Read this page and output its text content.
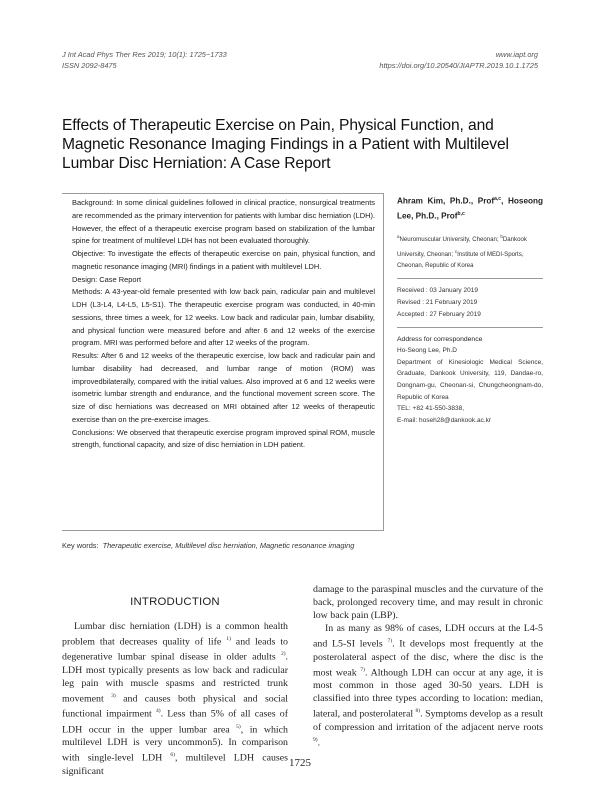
J Int Acad Phys Ther Res 2019; 10(1): 1725~1733
ISSN 2092-8475
www.iapt.org
https://doi.org/10.20540/JIAPTR.2019.10.1.1725
Effects of Therapeutic Exercise on Pain, Physical Function, and Magnetic Resonance Imaging Findings in a Patient with Multilevel Lumbar Disc Herniation: A Case Report

Background: In some clinical guidelines followed in clinical practice, nonsurgical treatments are recommended as the primary intervention for patients with lumbar disc herniation (LDH). However, the effect of a therapeutic exercise program based on stabilization of the lumbar spine for treatment of multilevel LDH has not been evaluated thoroughly.

Objective: To investigate the effects of therapeutic exercise on pain, physical function, and magnetic resonance imaging (MRI) findings in a patient with multilevel LDH.

Design: Case Report

Methods: A 43-year-old female presented with low back pain, radicular pain and multilevel LDH (L3-L4, L4-L5, L5-S1). The therapeutic exercise program was conducted, in 40-min sessions, three times a week, for 12 weeks. Low back and radicular pain, lumbar disability, and physical function were measured before and after 6 and 12 weeks of the exercise program. MRI was performed before and after 12 weeks of the program.

Results: After 6 and 12 weeks of the therapeutic exercise, low back and radicular pain and lumbar disability had decreased, and lumbar range of motion (ROM) was improvedbilaterally, compared with the initial values. Also improved at 6 and 12 weeks were isometric lumbar strength and endurance, and the functional movement screen score. The size of disc herniations was decreased on MRI obtained after 12 weeks of therapeutic exercise than on the pre-exercise images.

Conclusions: We observed that therapeutic exercise program improved spinal ROM, muscle strength, functional capacity, and size of disc herniation in LDH patient.

Ahram Kim, Ph.D., Prof$^{a,c}$, Hoseong Lee, Ph.D., Prof$^{b,c}$
$^a$Neuromuscular University, Cheonan; $^b$Dankook University, Cheonan; $^c$Institute of MEDI-Sports, Cheonan, Republic of Korea
Received : 03 January 2019
Revised : 21 February 2019
Accepted : 27 February 2019
Address for correspondence
Ho-Seong Lee, Ph.D
Department of Kinesiologic Medical Science, Graduate, Dankook University, 119, Dandae-ro, Dongnam-gu, Cheonan-si, Chungcheongnam-do, Republic of Korea
TEL: +82 41-550-3838,
E-mail: hoseh28@dankook.ac.kr
Key words: Therapeutic exercise, Multilevel disc herniation, Magnetic resonance imaging
INTRODUCTION

Lumbar disc herniation (LDH) is a common health problem that decreases quality of life $^{1)}$ and leads to degenerative lumbar spinal disease in older adults $^{2)}$. LDH most typically presents as low back and radicular leg pain with muscle spasms and restricted trunk movement $^{3)}$ and causes both physical and social functional impairment $^{4)}$. Less than 5% of all cases of LDH occur in the upper lumbar area $^{5)}$, in which multilevel LDH is very uncommon5). In comparison with single-level LDH $^{6)}$, multilevel LDH causes significant

damage to the paraspinal muscles and the curvature of the back, prolonged recovery time, and may result in chronic low back pain (LBP).

In as many as 98% of cases, LDH occurs at the L4-5 and L5-SI levels $^{7)}$. It develops most frequently at the posterolateral aspect of the disc, where the disc is the most weak $^{7)}$. Although LDH can occur at any age, it is most common in those aged 30-50 years. LDH is classified into three types according to location: median, lateral, and posterolateral $^{8)}$. Symptoms develop as a result of compression and irritation of the adjacent nerve roots $^{9)}$.

1725
